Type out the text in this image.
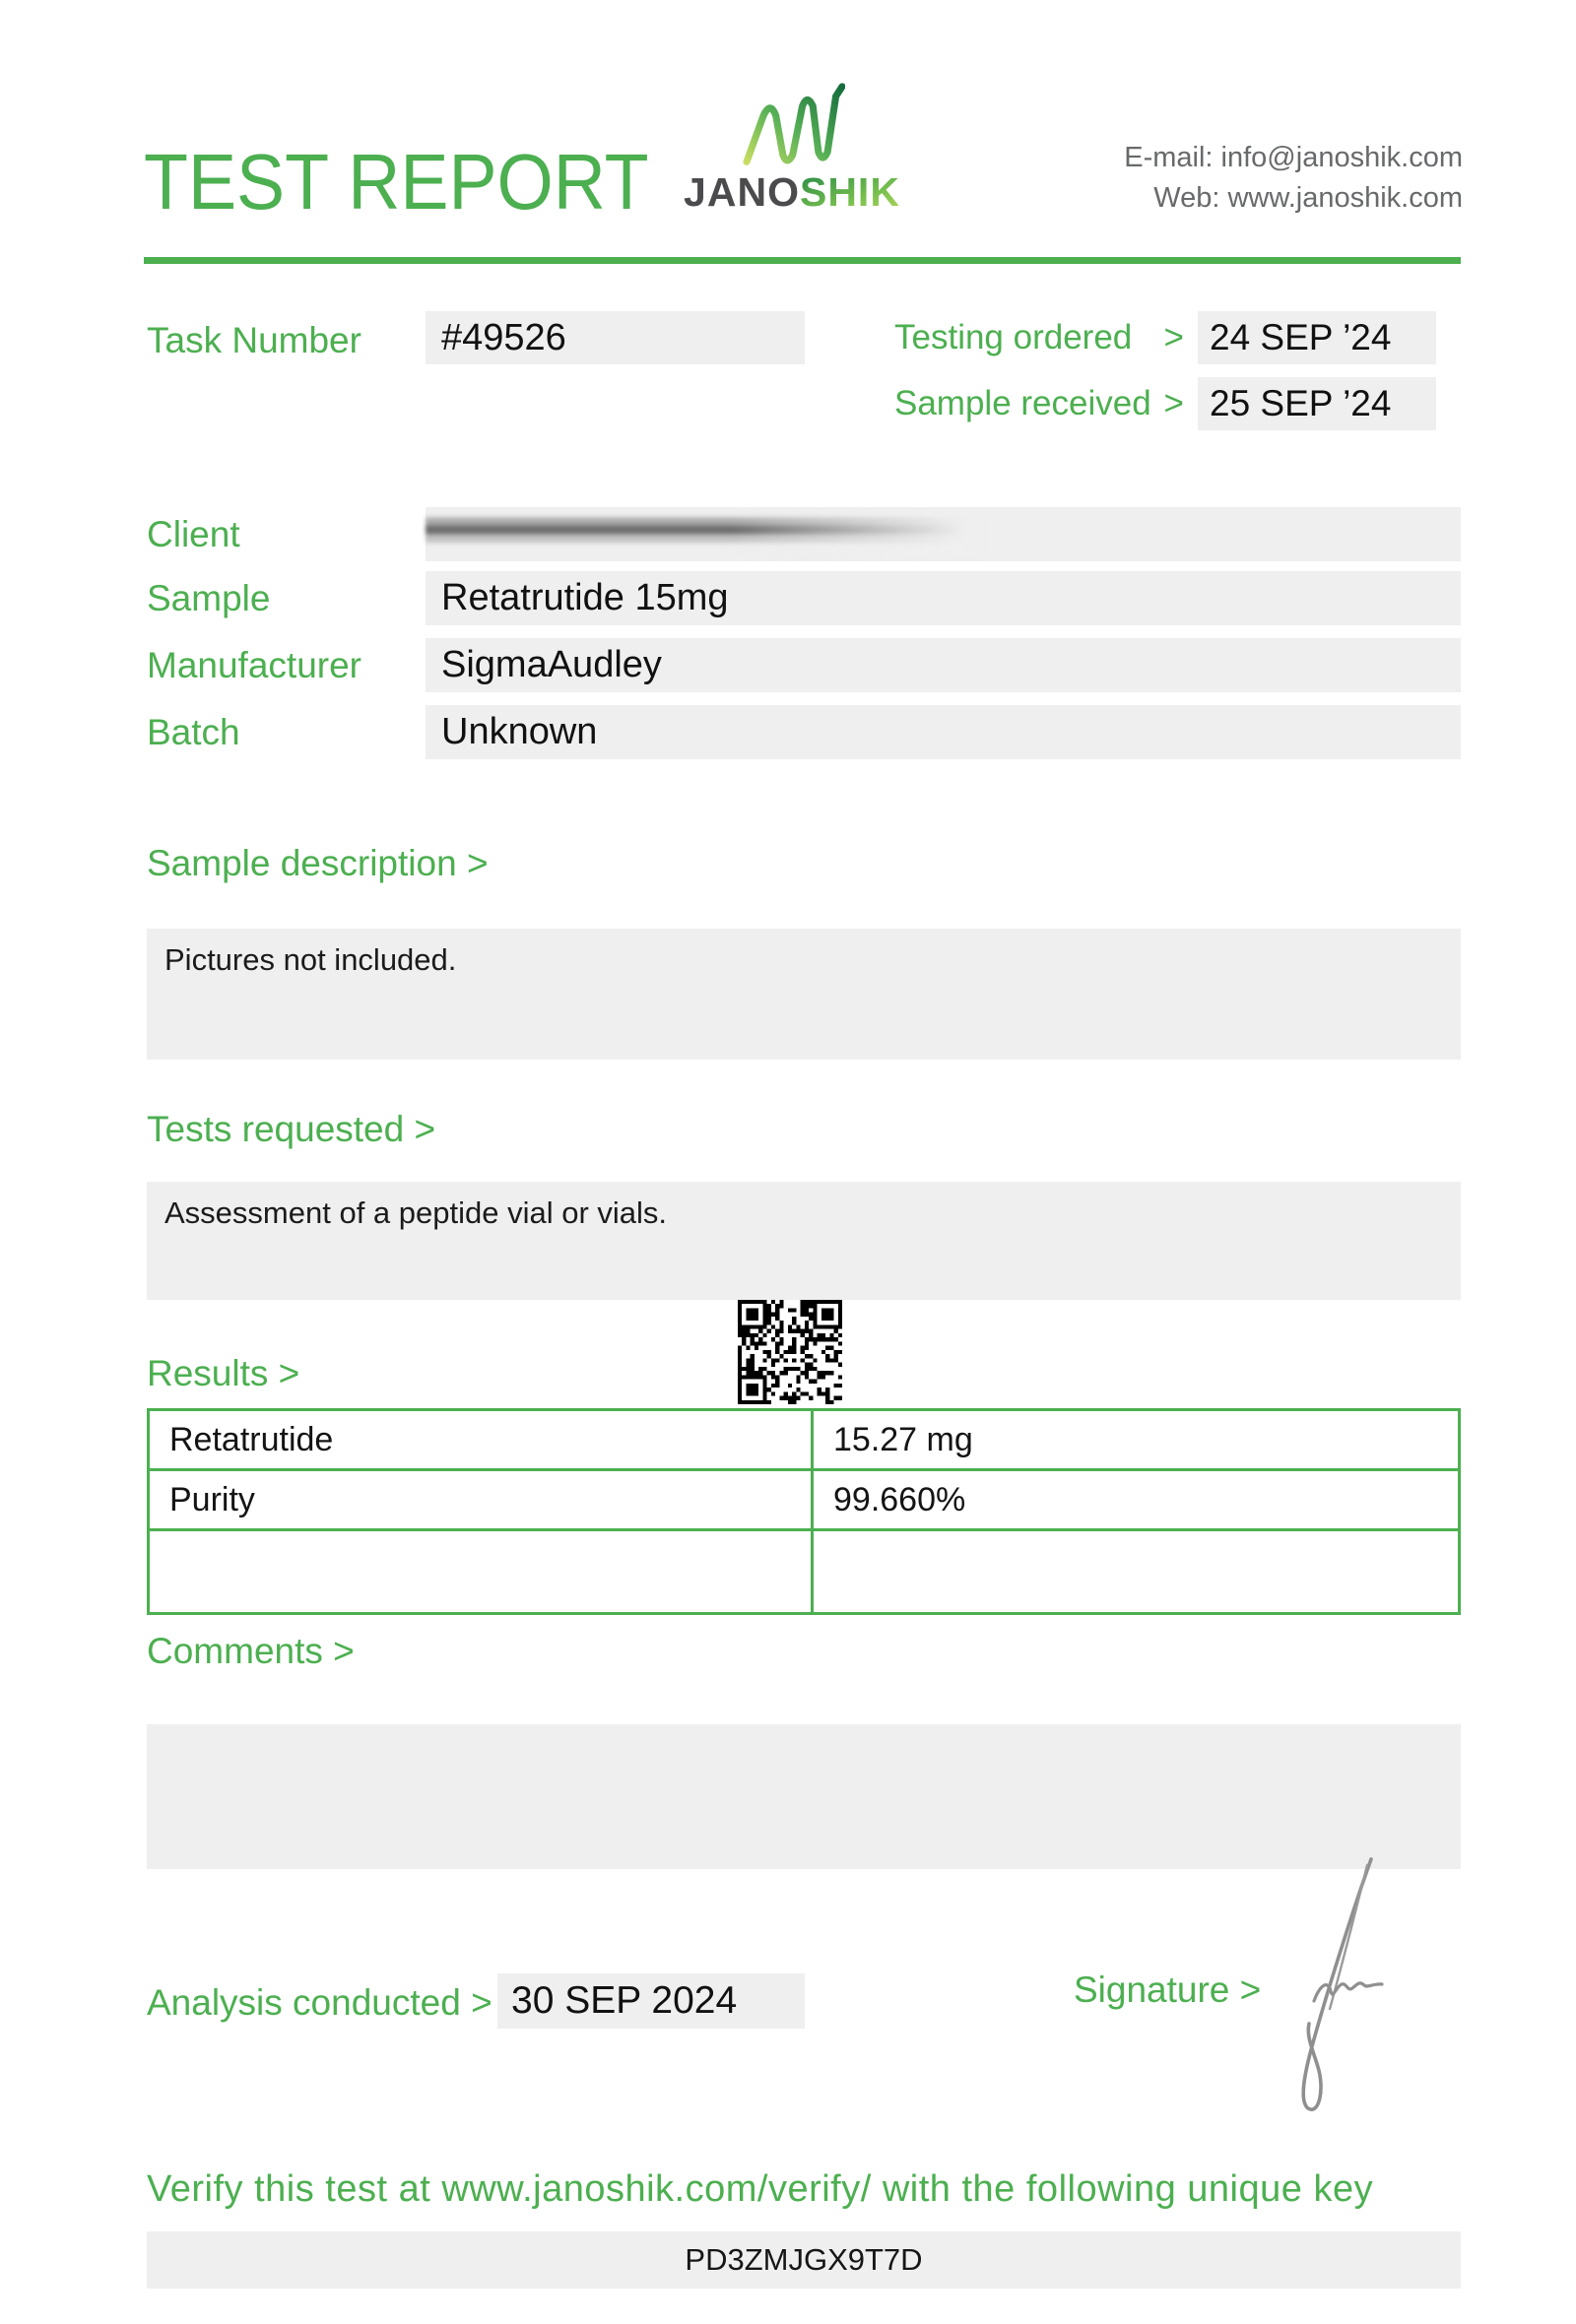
TEST REPORT JANOSHIK
E-mail: info@janoshik.com
Web: www.janoshik.com
Task Number	#49526	Testing ordered > 24 SEP ’24
Sample received > 25 SEP ’24
Client
Sample	Retatrutide 15mg
Manufacturer	SigmaAudley
Batch	Unknown
Sample description >
Pictures not included.
Tests requested >
Assessment of a peptide vial or vials.
Results >
Retatrutide	15.27 mg
Purity	99.660%

Comments >
Analysis conducted > 30 SEP 2024	Signature >
Verify this test at www.janoshik.com/verify/ with the following unique key
PD3ZMJGX9T7D
